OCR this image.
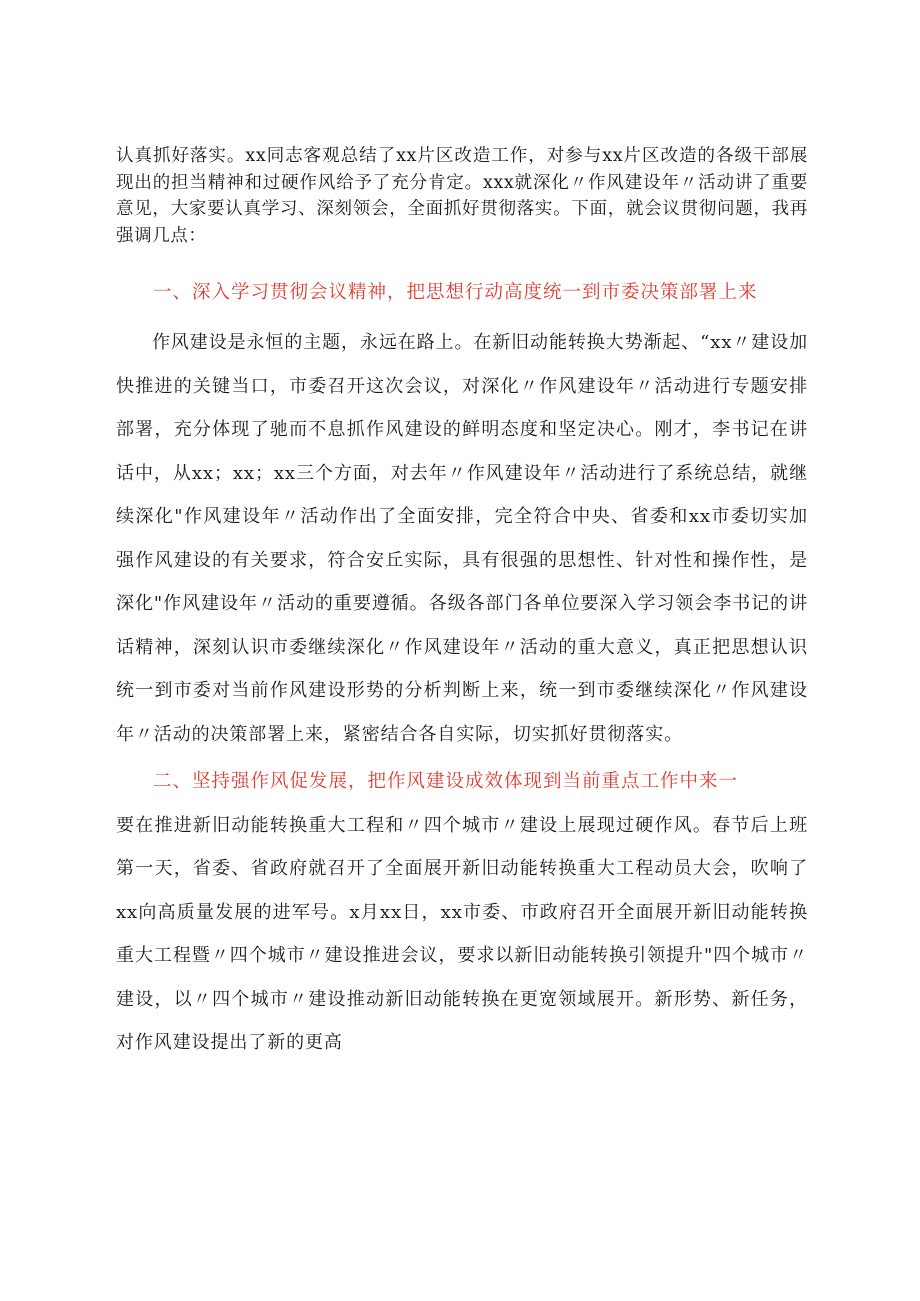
认真抓好落实。xx同志客观总结了xx片区改造工作，对参与xx片区改造的各级干部展现出的担当精神和过硬作风给予了充分肯定。xxx就深化〃作风建设年〃活动讲了重要意见，大家要认真学习、深刻领会，全面抓好贯彻落实。下面，就会议贯彻问题，我再强调几点：

一、深入学习贯彻会议精神，把思想行动高度统一到市委决策部署上来

作风建设是永恒的主题，永远在路上。在新旧动能转换大势渐起、“xx〃建设加快推进的关键当口，市委召开这次会议，对深化〃作风建设年〃活动进行专题安排部署，充分体现了驰而不息抓作风建设的鲜明态度和坚定决心。刚才，李书记在讲话中，从xx；xx；xx三个方面，对去年〃作风建设年〃活动进行了系统总结，就继续深化"作风建设年〃活动作出了全面安排，完全符合中央、省委和xx市委切实加强作风建设的有关要求，符合安丘实际，具有很强的思想性、针对性和操作性，是深化"作风建设年〃活动的重要遵循。各级各部门各单位要深入学习领会李书记的讲话精神，深刻认识市委继续深化〃作风建设年〃活动的重大意义，真正把思想认识统一到市委对当前作风建设形势的分析判断上来，统一到市委继续深化〃作风建设年〃活动的决策部署上来，紧密结合各自实际，切实抓好贯彻落实。

二、坚持强作风促发展，把作风建设成效体现到当前重点工作中来一

要在推进新旧动能转换重大工程和〃四个城市〃建设上展现过硬作风。春节后上班第一天，省委、省政府就召开了全面展开新旧动能转换重大工程动员大会，吹响了xx向高质量发展的进军号。x月xx日，xx市委、市政府召开全面展开新旧动能转换重大工程暨〃四个城市〃建设推进会议，要求以新旧动能转换引领提升"四个城市〃建设，以〃四个城市〃建设推动新旧动能转换在更宽领域展开。新形势、新任务，对作风建设提出了新的更高
